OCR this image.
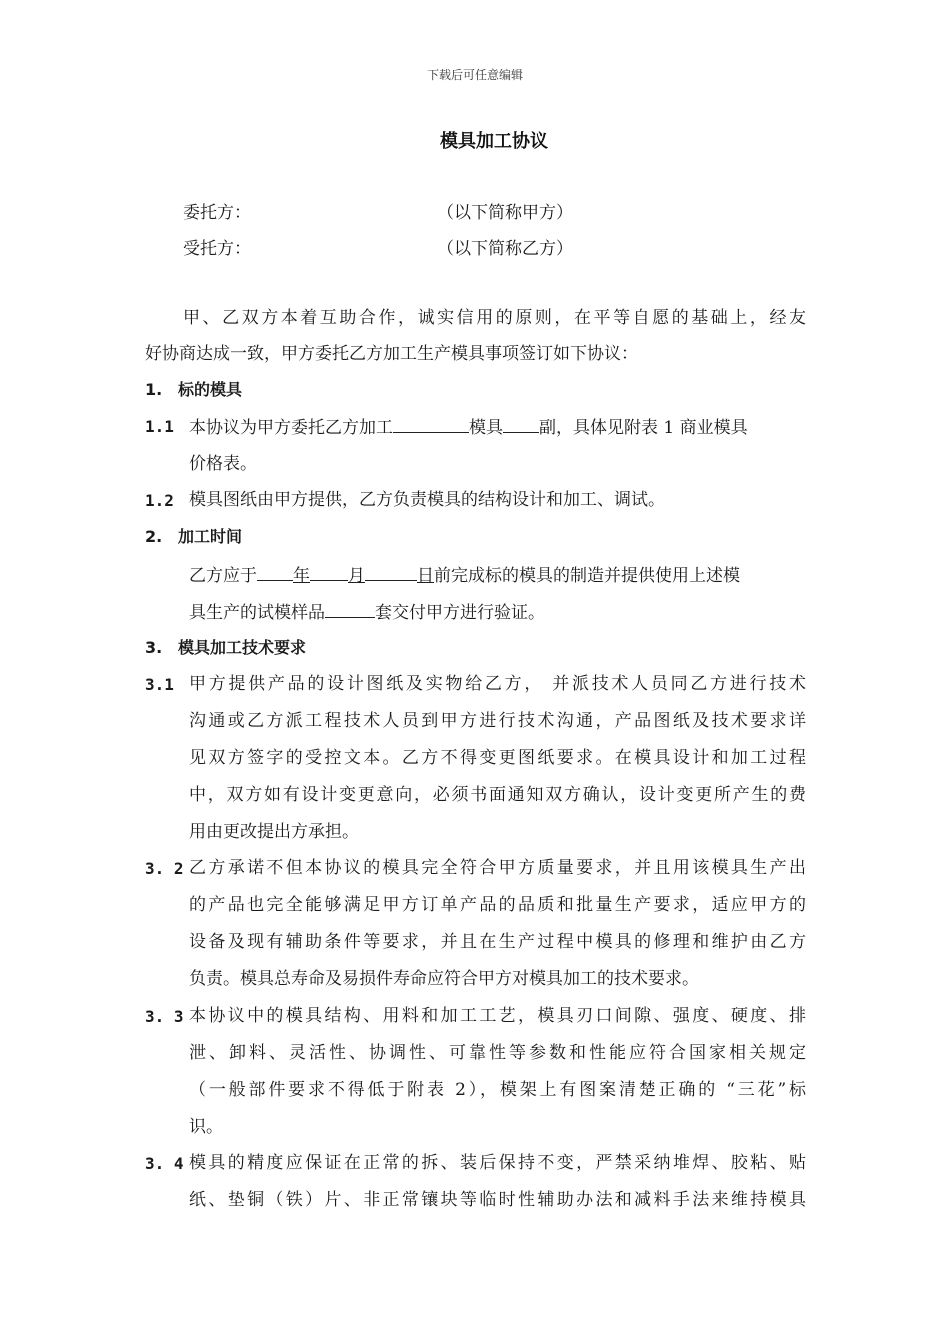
下载后可任意编辑
模具加工协议
委托方：	（以下简称甲方）
受托方：	（以下简称乙方）
甲、乙双方本着互助合作，诚实信用的原则，在平等自愿的基础上，经友
好协商达成一致，甲方委托乙方加工生产模具事项签订如下协议：
1. 标的模具
1.1 本协议为甲方委托乙方加工	模具 副，具体见附表 1 商业模具
价格表。
1.2 模具图纸由甲方提供，乙方负责模具的结构设计和加工、调试。
2. 加工时间
乙方应于 年 月	日前完成标的模具的制造并提供使用上述模
具生产的试模样品	套交付甲方进行验证。
3. 模具加工技术要求
3.1 甲方提供产品的设计图纸及实物给乙方， 并派技术人员同乙方进行技术
沟通或乙方派工程技术人员到甲方进行技术沟通，产品图纸及技术要求详
见双方签字的受控文本。乙方不得变更图纸要求。在模具设计和加工过程
中，双方如有设计变更意向，必须书面通知双方确认，设计变更所产生的费
用由更改提出方承担。
3. 2 乙方承诺不但本协议的模具完全符合甲方质量要求，并且用该模具生产出
的产品也完全能够满足甲方订单产品的品质和批量生产要求，适应甲方的
设备及现有辅助条件等要求，并且在生产过程中模具的修理和维护由乙方
负责。模具总寿命及易损件寿命应符合甲方对模具加工的技术要求。
3. 3 本协议中的模具结构、用料和加工工艺，模具刃口间隙、强度、硬度、排
泄、卸料、灵活性、协调性、可靠性等参数和性能应符合国家相关规定
（一般部件要求不得低于附表 2），模架上有图案清楚正确的 “三花”标
识。
3. 4 模具的精度应保证在正常的拆、装后保持不变，严禁采纳堆焊、胶粘、贴
纸、垫铜（铁）片、非正常镶块等临时性辅助办法和减料手法来维持模具
